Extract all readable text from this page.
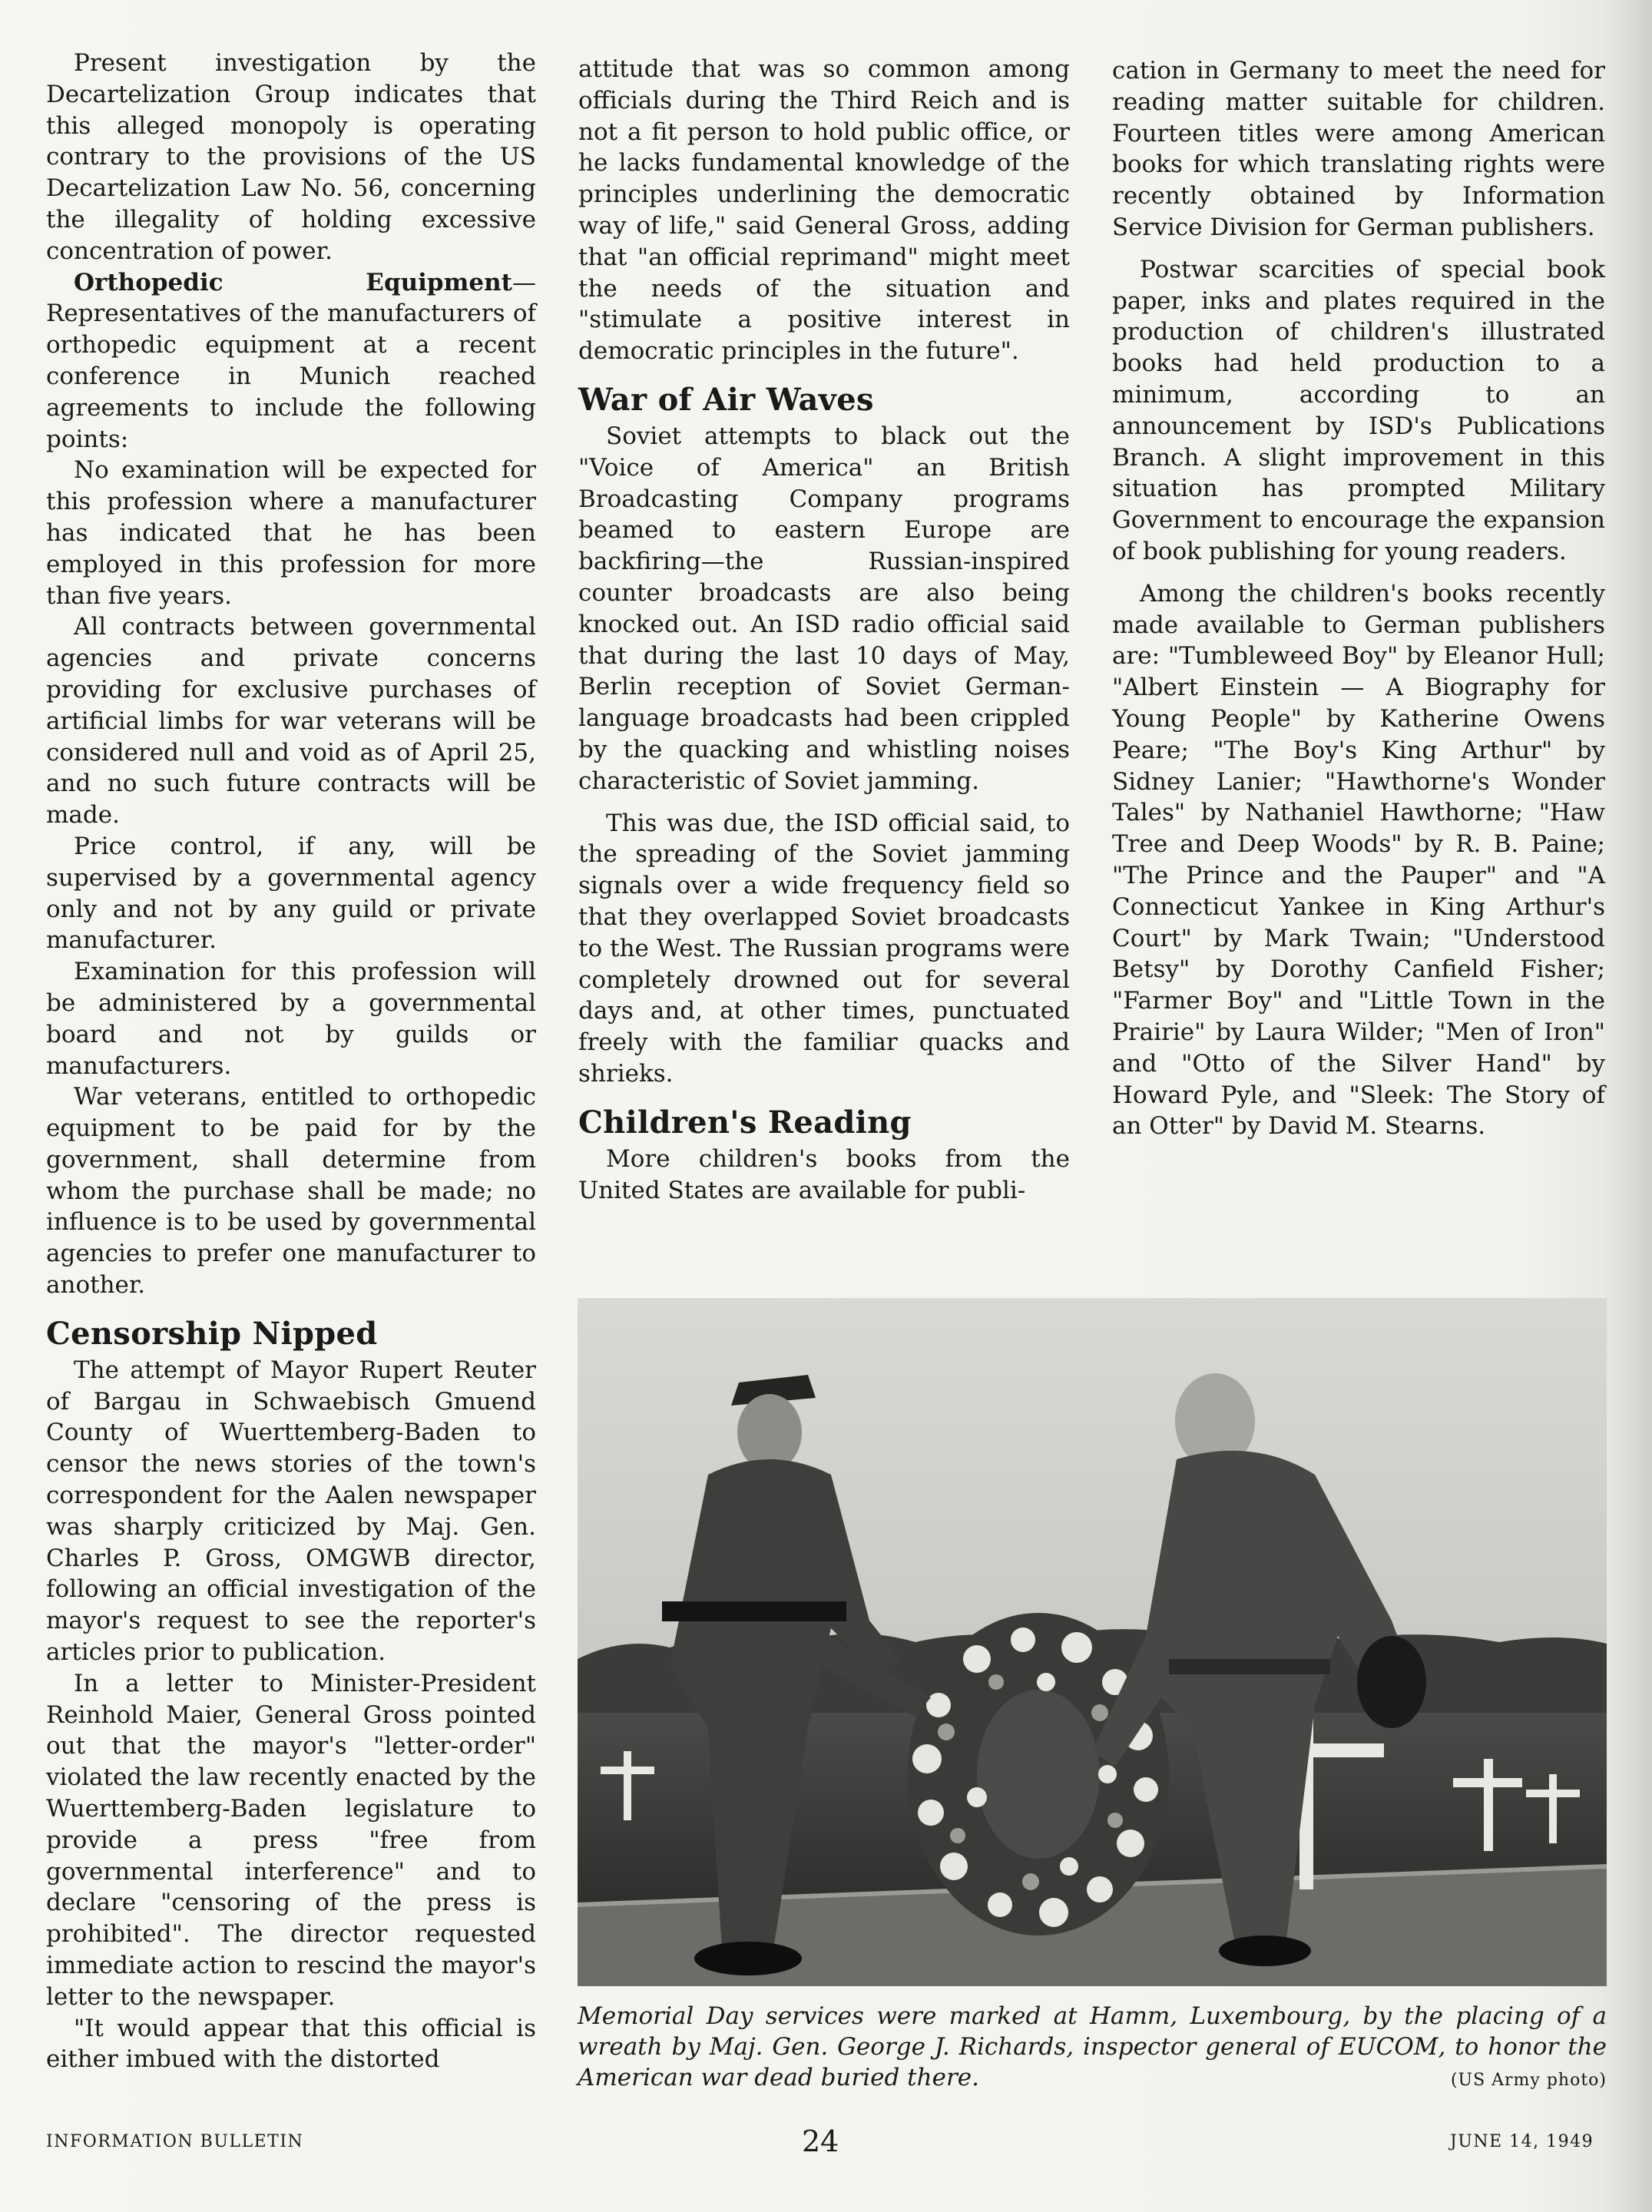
Present investigation by the Decartelization Group indicates that this alleged monopoly is operating contrary to the provisions of the US Decartelization Law No. 56, concerning the illegality of holding excessive concentration of power.

Orthopedic Equipment—Representatives of the manufacturers of orthopedic equipment at a recent conference in Munich reached agreements to include the following points:

No examination will be expected for this profession where a manufacturer has indicated that he has been employed in this profession for more than five years.

All contracts between governmental agencies and private concerns providing for exclusive purchases of artificial limbs for war veterans will be considered null and void as of April 25, and no such future contracts will be made.

Price control, if any, will be supervised by a governmental agency only and not by any guild or private manufacturer.

Examination for this profession will be administered by a governmental board and not by guilds or manufacturers.

War veterans, entitled to orthopedic equipment to be paid for by the government, shall determine from whom the purchase shall be made; no influence is to be used by governmental agencies to prefer one manufacturer to another.

Censorship Nipped

The attempt of Mayor Rupert Reuter of Bargau in Schwaebisch Gmuend County of Wuerttemberg-Baden to censor the news stories of the town's correspondent for the Aalen newspaper was sharply criticized by Maj. Gen. Charles P. Gross, OMGWB director, following an official investigation of the mayor's request to see the reporter's articles prior to publication.

In a letter to Minister-President Reinhold Maier, General Gross pointed out that the mayor's "letter-order" violated the law recently enacted by the Wuerttemberg-Baden legislature to provide a press "free from governmental interference" and to declare "censoring of the press is prohibited". The director requested immediate action to rescind the mayor's letter to the newspaper.

"It would appear that this official is either imbued with the distorted

attitude that was so common among officials during the Third Reich and is not a fit person to hold public office, or he lacks fundamental knowledge of the principles underlining the democratic way of life," said General Gross, adding that "an official reprimand" might meet the needs of the situation and "stimulate a positive interest in democratic principles in the future".

War of Air Waves

Soviet attempts to black out the "Voice of America" an British Broadcasting Company programs beamed to eastern Europe are backfiring—the Russian-inspired counter broadcasts are also being knocked out. An ISD radio official said that during the last 10 days of May, Berlin reception of Soviet German-language broadcasts had been crippled by the quacking and whistling noises characteristic of Soviet jamming.

This was due, the ISD official said, to the spreading of the Soviet jamming signals over a wide frequency field so that they overlapped Soviet broadcasts to the West. The Russian programs were completely drowned out for several days and, at other times, punctuated freely with the familiar quacks and shrieks.

Children's Reading

More children's books from the United States are available for publi-

cation in Germany to meet the need for reading matter suitable for children. Fourteen titles were among American books for which translating rights were recently obtained by Information Service Division for German publishers.

Postwar scarcities of special book paper, inks and plates required in the production of children's illustrated books had held production to a minimum, according to an announcement by ISD's Publications Branch. A slight improvement in this situation has prompted Military Government to encourage the expansion of book publishing for young readers.

Among the children's books recently made available to German publishers are: "Tumbleweed Boy" by Eleanor Hull; "Albert Einstein — A Biography for Young People" by Katherine Owens Peare; "The Boy's King Arthur" by Sidney Lanier; "Hawthorne's Wonder Tales" by Nathaniel Hawthorne; "Haw Tree and Deep Woods" by R. B. Paine; "The Prince and the Pauper" and "A Connecticut Yankee in King Arthur's Court" by Mark Twain; "Understood Betsy" by Dorothy Canfield Fisher; "Farmer Boy" and "Little Town in the Prairie" by Laura Wilder; "Men of Iron" and "Otto of the Silver Hand" by Howard Pyle, and "Sleek: The Story of an Otter" by David M. Stearns.

Memorial Day services were marked at Hamm, Luxembourg, by the placing of a wreath by Maj. Gen. George J. Richards, inspector general of EUCOM, to honor the American war dead buried there.	(US Army photo)
INFORMATION BULLETIN	24	JUNE 14, 1949
